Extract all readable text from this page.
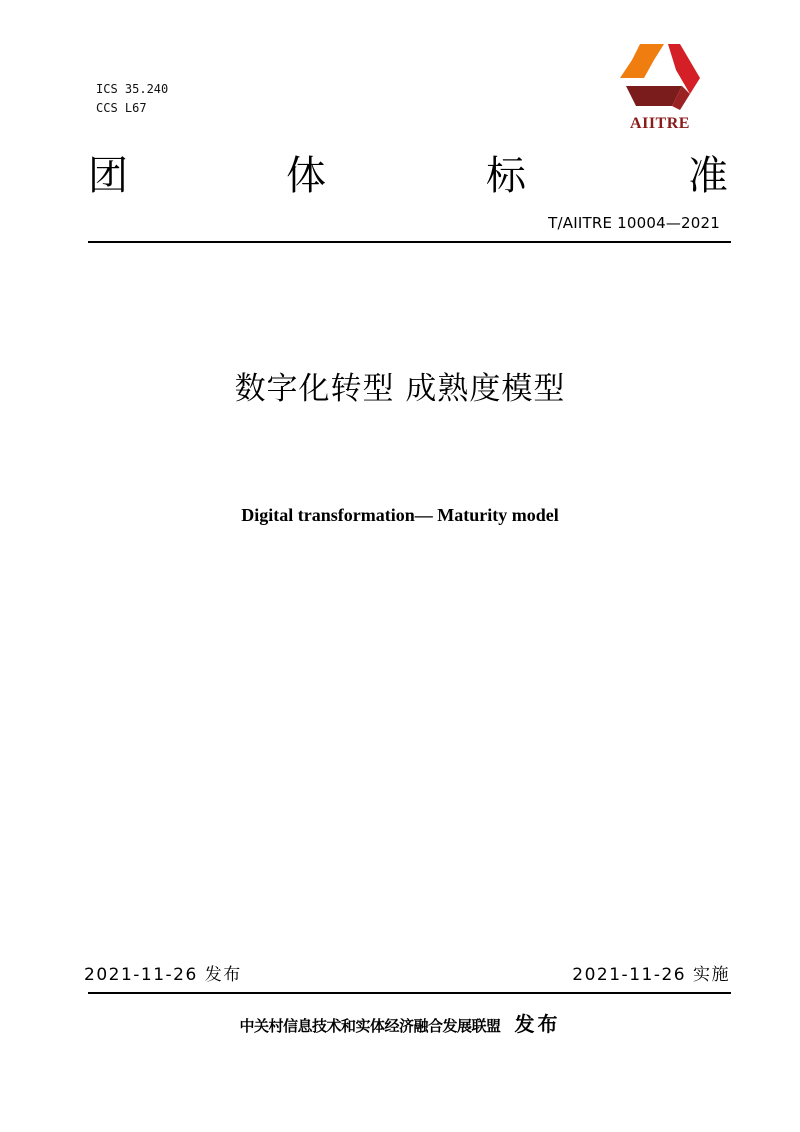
ICS 35.240
CCS L67
AIITRE
团	体	标	准
T/AIITRE 10004—2021
数字化转型 成熟度模型
Digital transformation— Maturity model
2021-11-26 发布	2021-11-26 实施
中关村信息技术和实体经济融合发展联盟 发布
